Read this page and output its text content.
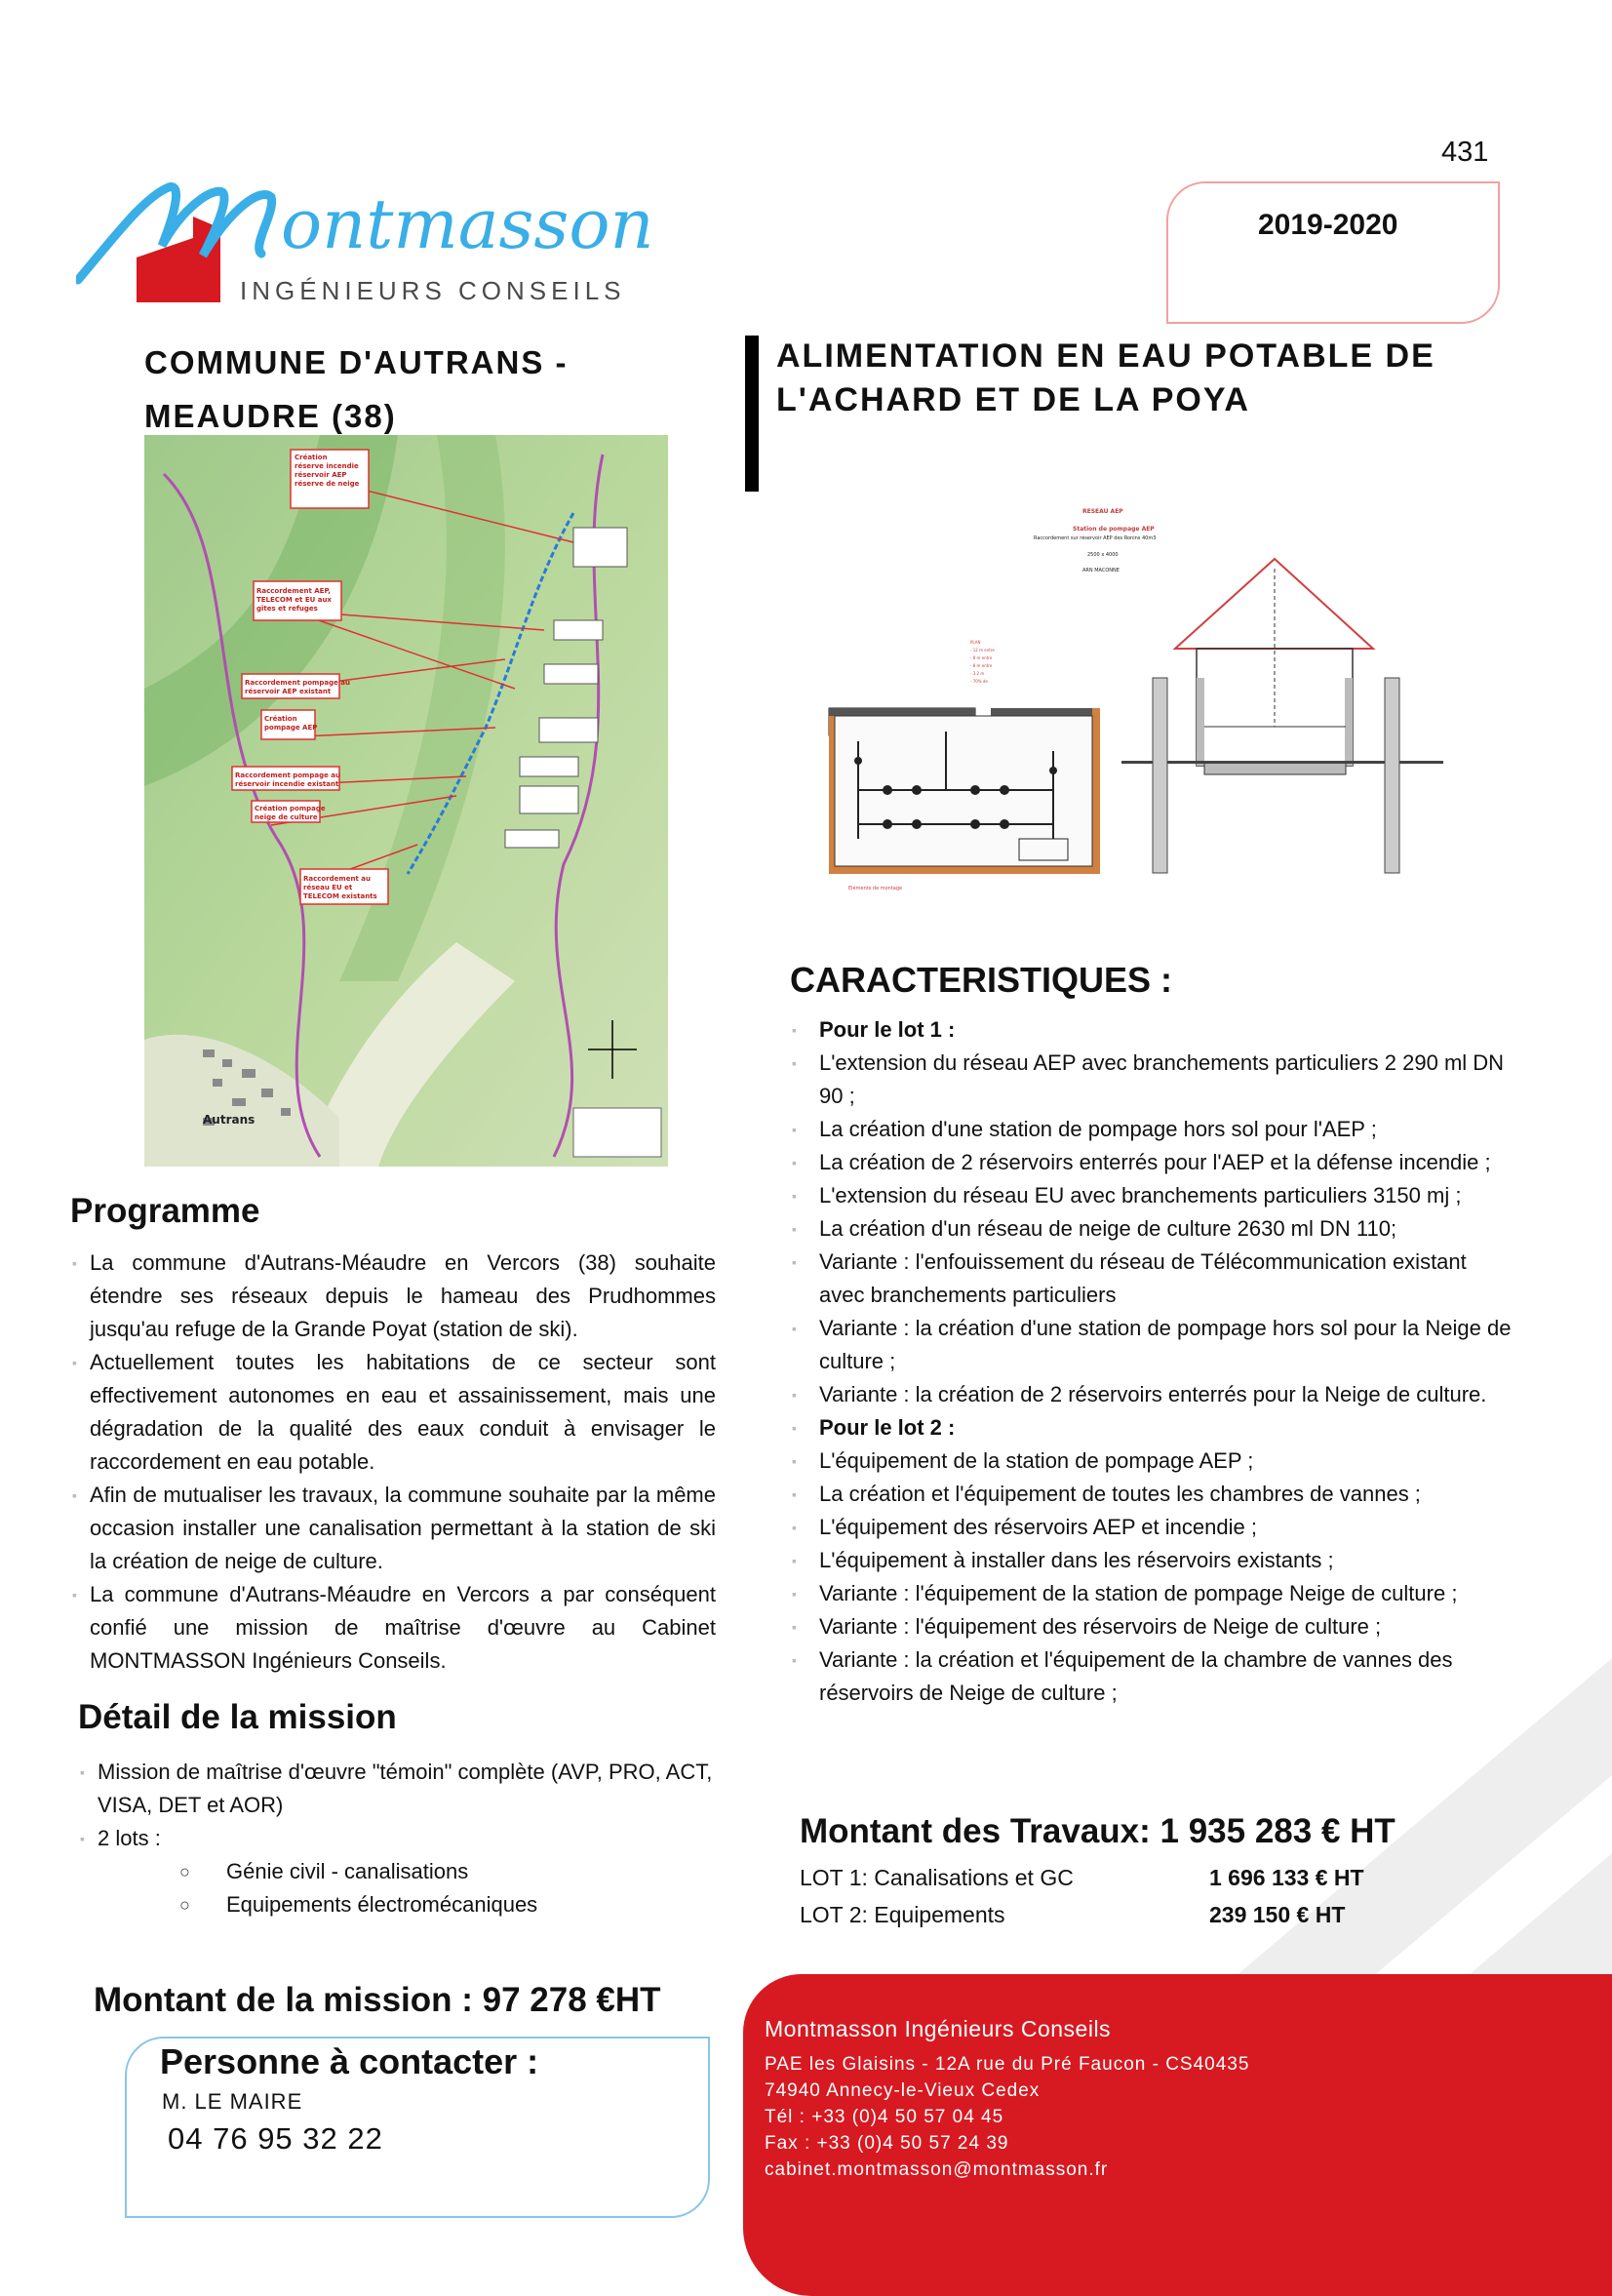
431
ontmasson
INGÉNIEURS CONSEILS
2019-2020
COMMUNE D'AUTRANS - MEAUDRE (38)
ALIMENTATION EN EAU POTABLE DE L'ACHARD ET DE LA POYA
Création
réserve incendie
réservoir AEP
réserve de neige
Raccordement AEP,
TELECOM et EU aux
gîtes et refuges
Raccordement pompage au
réservoir AEP existant
Création
pompage AEP
Raccordement pompage au
réservoir incendie existant
Création pompage
neige de culture
Raccordement au
réseau EU et
TELECOM existants
Autrans
RESEAU AEP
Station de pompage AEP
Raccordement sur réservoir AEP des Ronins 40m3
2500 x 4000
ARN MACONNE
PLAN
- 12 m entre
- 8 m entre
- 8 m entre
- 3.2 m
- 70% de
Eléments de montage
Programme
▪ La commune d'Autrans-Méaudre en Vercors (38) souhaite étendre ses réseaux depuis le hameau des Prudhommes jusqu'au refuge de la Grande Poyat (station de ski).
▪ Actuellement toutes les habitations de ce secteur sont effectivement autonomes en eau et assainissement, mais une dégradation de la qualité des eaux conduit à envisager le raccordement en eau potable.
▪ Afin de mutualiser les travaux, la commune souhaite par la même occasion installer une canalisation permettant à la station de ski la création de neige de culture.
▪ La commune d'Autrans-Méaudre en Vercors a par conséquent confié une mission de maîtrise d'œuvre au Cabinet MONTMASSON Ingénieurs Conseils.
Détail de la mission
▪ Mission de maîtrise d'œuvre "témoin" complète (AVP, PRO, ACT, VISA, DET et AOR)
▪ 2 lots :
○ Génie civil - canalisations
○ Equipements électromécaniques
CARACTERISTIQUES :
▪ Pour le lot 1 :
▪ L'extension du réseau AEP avec branchements particuliers 2 290 ml DN 90 ;
▪ La création d'une station de pompage hors sol pour l'AEP ;
▪ La création de 2 réservoirs enterrés pour l'AEP et la défense incendie ;
▪ L'extension du réseau EU avec branchements particuliers 3150 mj ;
▪ La création d'un réseau de neige de culture 2630 ml DN 110;
▪ Variante : l'enfouissement du réseau de Télécommunication existant avec branchements particuliers
▪ Variante : la création d'une station de pompage hors sol pour la Neige de culture ;
▪ Variante : la création de 2 réservoirs enterrés pour la Neige de culture.
▪ Pour le lot 2 :
▪ L'équipement de la station de pompage AEP ;
▪ La création et l'équipement de toutes les chambres de vannes ;
▪ L'équipement des réservoirs AEP et incendie ;
▪ L'équipement à installer dans les réservoirs existants ;
▪ Variante : l'équipement de la station de pompage Neige de culture ;
▪ Variante : l'équipement des réservoirs de Neige de culture ;
▪ Variante : la création et l'équipement de la chambre de vannes des réservoirs de Neige de culture ;
Montant des Travaux: 1 935 283 € HT
LOT 1: Canalisations et GC	1 696 133 € HT
LOT 2: Equipements	239 150 € HT
Montant de la mission : 97 278 €HT
Personne à contacter :
M. LE MAIRE
04 76 95 32 22
Montmasson Ingénieurs Conseils
PAE les Glaisins - 12A rue du Pré Faucon - CS40435
74940 Annecy-le-Vieux Cedex
Tél : +33 (0)4 50 57 04 45
Fax : +33 (0)4 50 57 24 39
cabinet.montmasson@montmasson.fr
